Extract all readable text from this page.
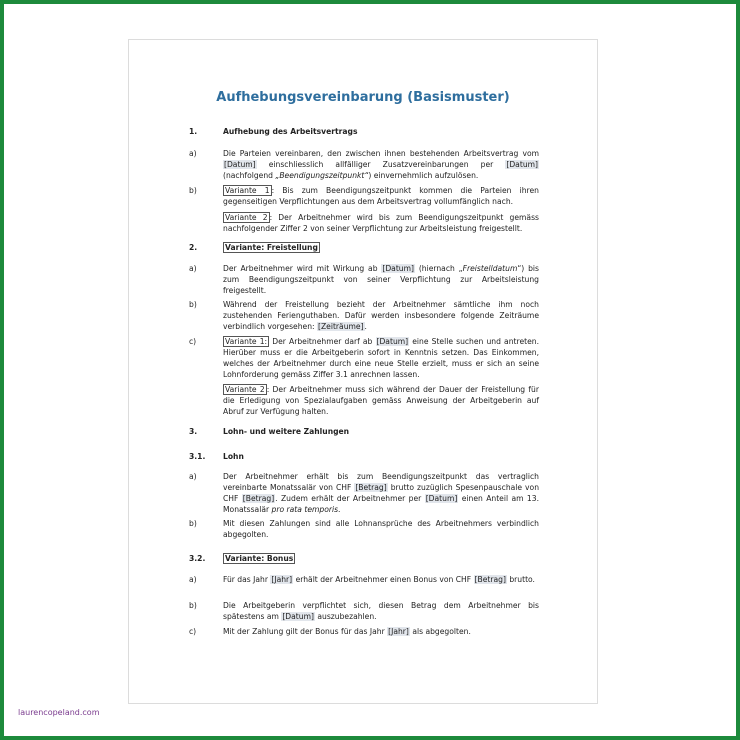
Aufhebungsvereinbarung (Basismuster)
1.	Aufhebung des Arbeitsvertrags
a)	Die Parteien vereinbaren, den zwischen ihnen bestehenden Arbeitsvertrag vom [Datum] einschliesslich allfälliger Zusatzvereinbarungen per [Datum] (nachfolgend „Beendigungszeitpunkt“) einvernehmlich aufzulösen.
b)	Variante 1 : Bis zum Beendigungszeitpunkt kommen die Parteien ihren gegenseitigen Verpflichtungen aus dem Arbeitsvertrag vollumfänglich nach.
Variante 2 : Der Arbeitnehmer wird bis zum Beendigungszeitpunkt gemäss nachfolgender Ziffer 2 von seiner Verpflichtung zur Arbeitsleistung freigestellt.
2.	Variante: Freistellung
a)	Der Arbeitnehmer wird mit Wirkung ab [Datum] (hiernach „Freistelldatum“) bis zum Beendigungszeitpunkt von seiner Verpflichtung zur Arbeitsleistung freigestellt.
b)	Während der Freistellung bezieht der Arbeitnehmer sämtliche ihm noch zustehenden Ferienguthaben. Dafür werden insbesondere folgende Zeiträume verbindlich vorgesehen: [Zeiträume].
c)	Variante 1: Der Arbeitnehmer darf ab [Datum] eine Stelle suchen und antreten. Hierüber muss er die Arbeitgeberin sofort in Kenntnis setzen. Das Einkommen, welches der Arbeitnehmer durch eine neue Stelle erzielt, muss er sich an seine Lohnforderung gemäss Ziffer 3.1 anrechnen lassen.
Variante 2 : Der Arbeitnehmer muss sich während der Dauer der Freistellung für die Erledigung von Spezialaufgaben gemäss Anweisung der Arbeitgeberin auf Abruf zur Verfügung halten.
3.	Lohn- und weitere Zahlungen
3.1.	Lohn
a)	Der Arbeitnehmer erhält bis zum Beendigungszeitpunkt das vertraglich vereinbarte Monatssalär von CHF [Betrag] brutto zuzüglich Spesenpauschale von CHF [Betrag]. Zudem erhält der Arbeitnehmer per [Datum] einen Anteil am 13. Monatssalär pro rata temporis.
b)	Mit diesen Zahlungen sind alle Lohnansprüche des Arbeitnehmers verbindlich abgegolten.
3.2.	Variante: Bonus
a)	Für das Jahr [Jahr] erhält der Arbeitnehmer einen Bonus von CHF [Betrag] brutto.
b)	Die Arbeitgeberin verpflichtet sich, diesen Betrag dem Arbeitnehmer bis spätestens am [Datum] auszubezahlen.
c)	Mit der Zahlung gilt der Bonus für das Jahr [Jahr] als abgegolten.
laurencopeland.com
